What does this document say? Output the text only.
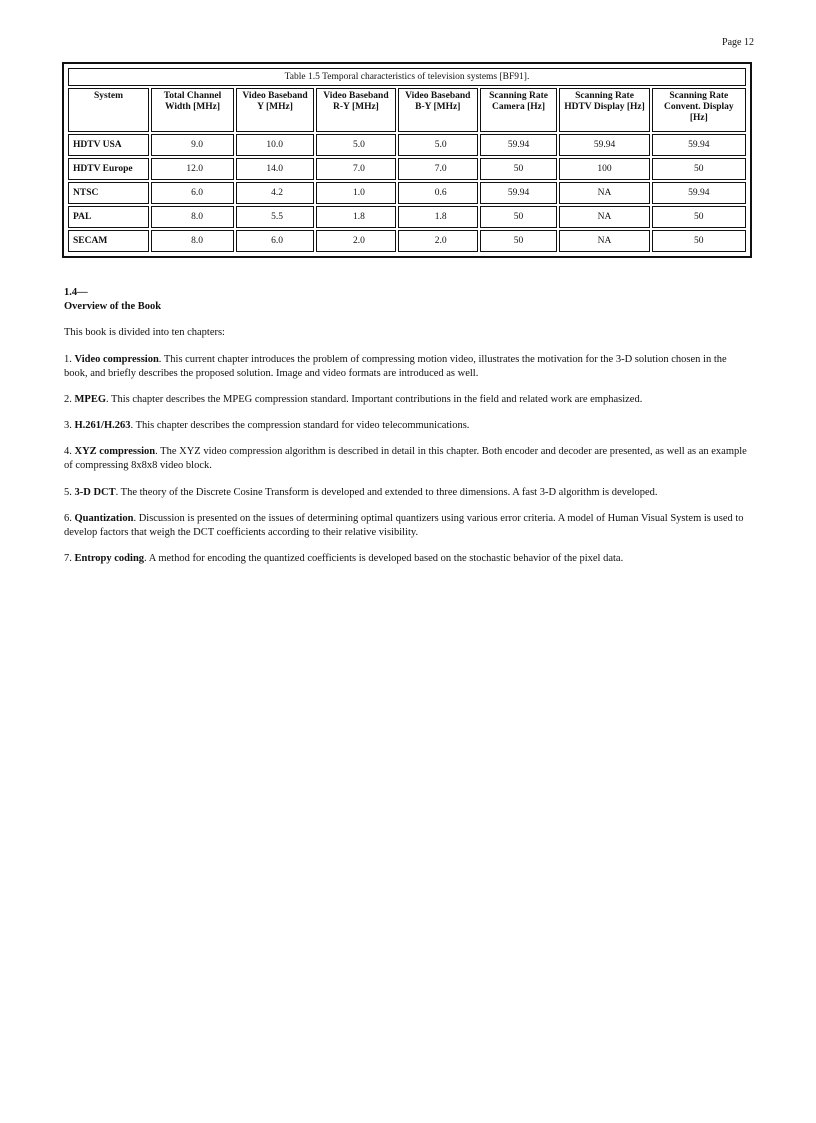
Page 12
Table 1.5 Temporal characteristics of television systems [BF91].							
System	Total Channel Width [MHz]	Video Baseband Y [MHz]	Video Baseband R-Y [MHz]	Video Baseband B-Y [MHz]	Scanning Rate Camera [Hz]	Scanning Rate HDTV Display [Hz]	Scanning Rate Convent. Display [Hz]
HDTV USA	9.0	10.0	5.0	5.0	59.94	59.94	59.94
HDTV Europe	12.0	14.0	7.0	7.0	50	100	50
NTSC	6.0	4.2	1.0	0.6	59.94	NA	59.94
PAL	8.0	5.5	1.8	1.8	50	NA	50
SECAM	8.0	6.0	2.0	2.0	50	NA	50

1.4—

Overview of the Book

This book is divided into ten chapters:

1. Video compression. This current chapter introduces the problem of compressing motion video, illustrates the motivation for the 3-D solution chosen in the book, and briefly describes the proposed solution. Image and video formats are introduced as well.

2. MPEG. This chapter describes the MPEG compression standard. Important contributions in the field and related work are emphasized.

3. H.261/H.263. This chapter describes the compression standard for video telecommunications.

4. XYZ compression. The XYZ video compression algorithm is described in detail in this chapter. Both encoder and decoder are presented, as well as an example of compressing 8x8x8 video block.

5. 3-D DCT. The theory of the Discrete Cosine Transform is developed and extended to three dimensions. A fast 3-D algorithm is developed.

6. Quantization. Discussion is presented on the issues of determining optimal quantizers using various error criteria. A model of Human Visual System is used to develop factors that weigh the DCT coefficients according to their relative visibility.

7. Entropy coding. A method for encoding the quantized coefficients is developed based on the stochastic behavior of the pixel data.
